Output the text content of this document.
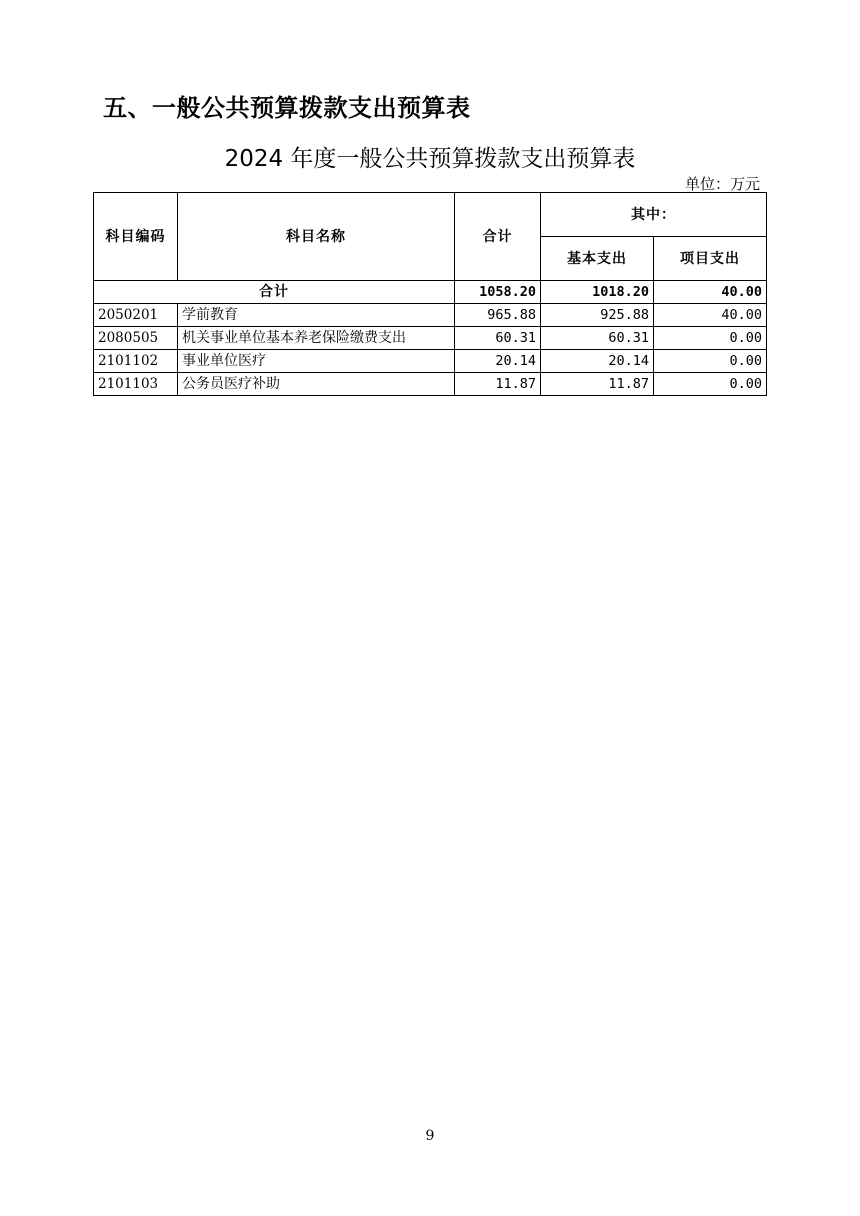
五、一般公共预算拨款支出预算表
2024 年度一般公共预算拨款支出预算表
单位：万元
科目编码	科目名称	合计	其中：	
			基本支出	项目支出
合计		1058.20	1018.20	40.00
2050201	学前教育	965.88	925.88	40.00
2080505	机关事业单位基本养老保险缴费支出	60.31	60.31	0.00
2101102	事业单位医疗	20.14	20.14	0.00
2101103	公务员医疗补助	11.87	11.87	0.00
9
